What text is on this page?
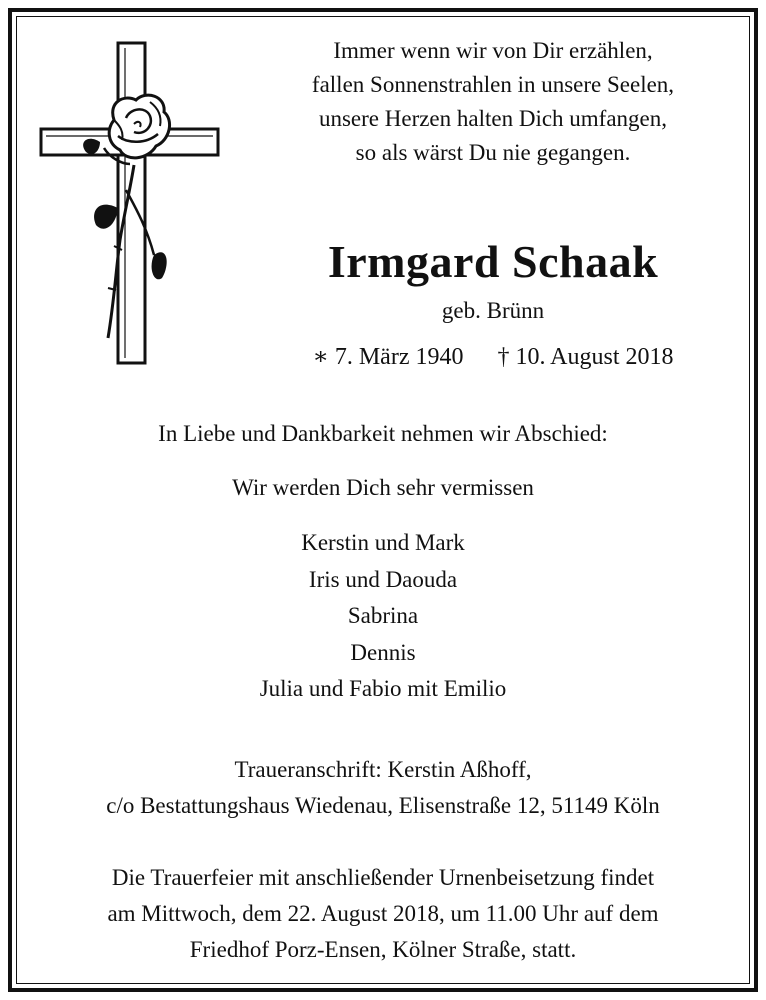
Immer wenn wir von Dir erzählen,
fallen Sonnenstrahlen in unsere Seelen,
unsere Herzen halten Dich umfangen,
so als wärst Du nie gegangen.
Irmgard Schaak
geb. Brünn
∗ 7. März 1940 † 10. August 2018
In Liebe und Dankbarkeit nehmen wir Abschied:
Wir werden Dich sehr vermissen
Kerstin und Mark
Iris und Daouda
Sabrina
Dennis
Julia und Fabio mit Emilio
Traueranschrift: Kerstin Aßhoff,
c/o Bestattungshaus Wiedenau, Elisenstraße 12, 51149 Köln
Die Trauerfeier mit anschließender Urnenbeisetzung findet
am Mittwoch, dem 22. August 2018, um 11.00 Uhr auf dem
Friedhof Porz-Ensen, Kölner Straße, statt.
